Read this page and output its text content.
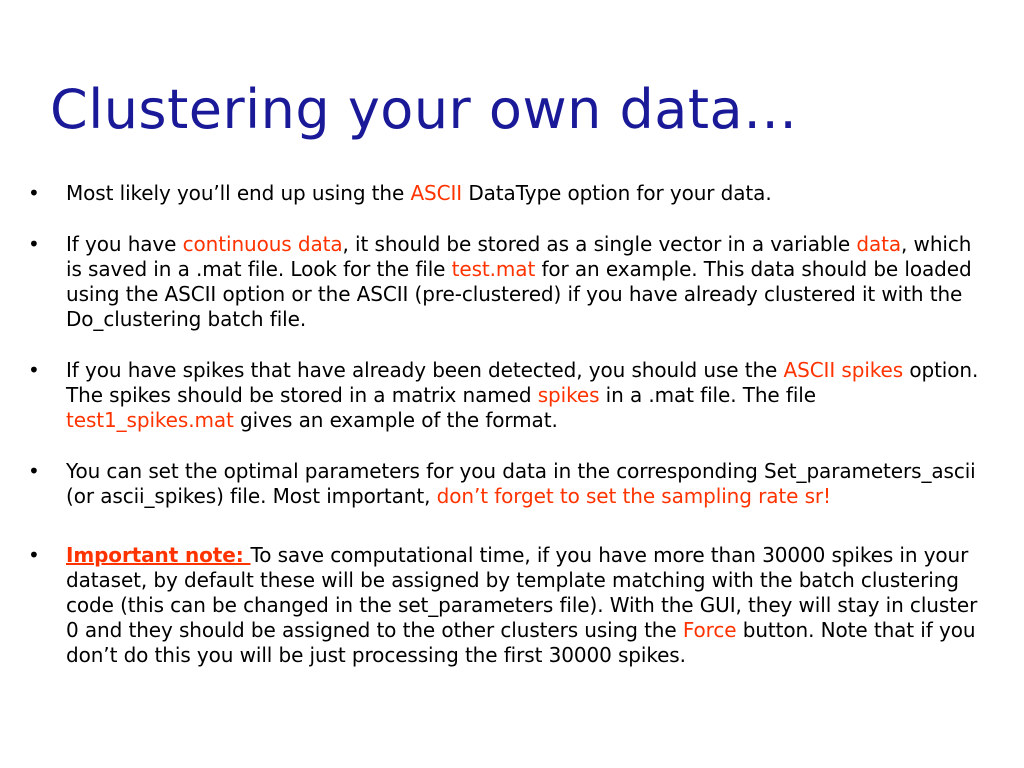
Clustering your own data…
•	Most likely you’ll end up using the ASCII DataType option for your data.
•	If you have continuous data, it should be stored as a single vector in a variable data, which is saved in a .mat file. Look for the file test.mat for an example. This data should be loaded using the ASCII option or the ASCII (pre-clustered) if you have already clustered it with the Do_clustering batch file.
•	If you have spikes that have already been detected, you should use the ASCII spikes option. The spikes should be stored in a matrix named spikes in a .mat file. The file test1_spikes.mat gives an example of the format.
•	You can set the optimal parameters for you data in the corresponding Set_parameters_ascii (or ascii_spikes) file. Most important, don’t forget to set the sampling rate sr!
•	Important note: To save computational time, if you have more than 30000 spikes in your dataset, by default these will be assigned by template matching with the batch clustering code (this can be changed in the set_parameters file). With the GUI, they will stay in cluster 0 and they should be assigned to the other clusters using the Force button. Note that if you don’t do this you will be just processing the first 30000 spikes.
